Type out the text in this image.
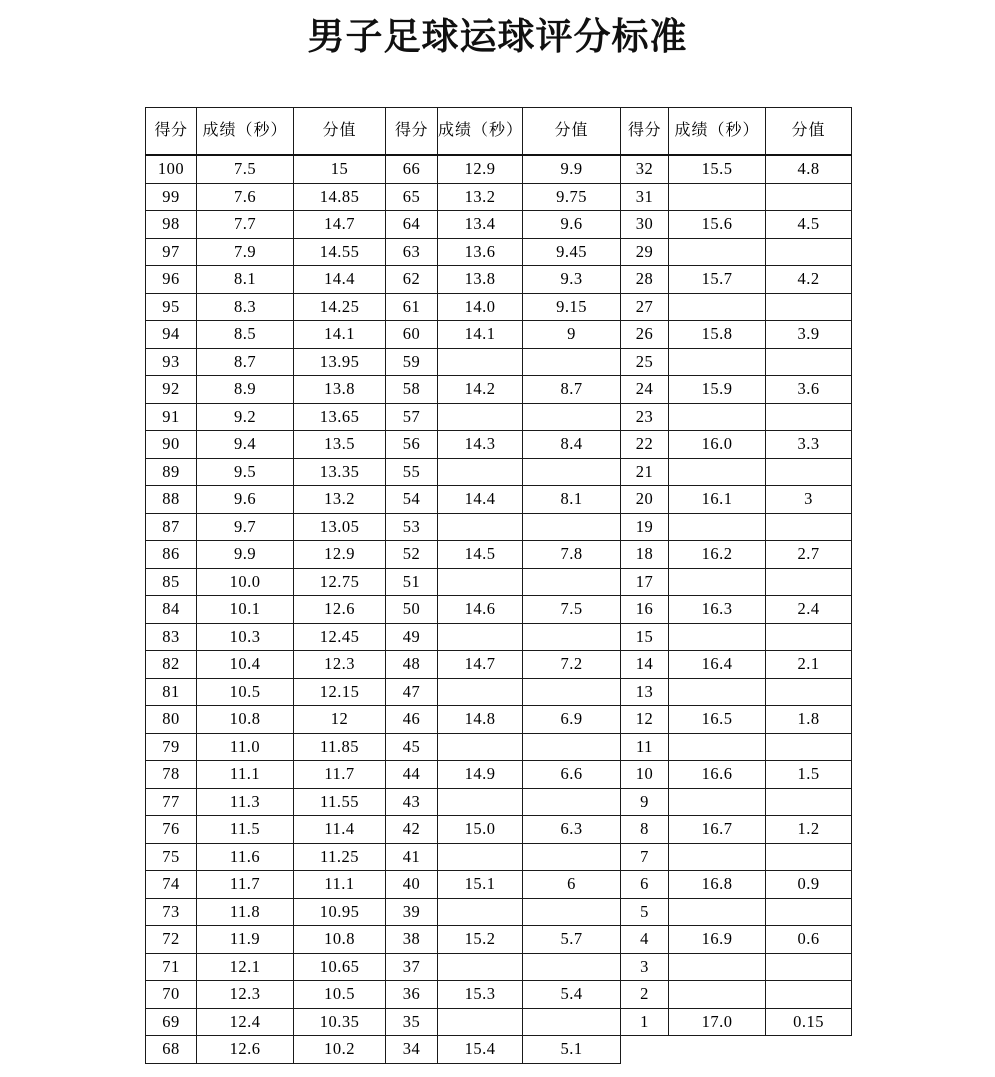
男子足球运球评分标准
得分	成绩（秒）	分值	得分	成绩（秒）	分值	得分	成绩（秒）	分值
100	7.5	15	66	12.9	9.9	32	15.5	4.8
99	7.6	14.85	65	13.2	9.75	31		
98	7.7	14.7	64	13.4	9.6	30	15.6	4.5
97	7.9	14.55	63	13.6	9.45	29		
96	8.1	14.4	62	13.8	9.3	28	15.7	4.2
95	8.3	14.25	61	14.0	9.15	27		
94	8.5	14.1	60	14.1	9	26	15.8	3.9
93	8.7	13.95	59			25		
92	8.9	13.8	58	14.2	8.7	24	15.9	3.6
91	9.2	13.65	57			23		
90	9.4	13.5	56	14.3	8.4	22	16.0	3.3
89	9.5	13.35	55			21		
88	9.6	13.2	54	14.4	8.1	20	16.1	3
87	9.7	13.05	53			19		
86	9.9	12.9	52	14.5	7.8	18	16.2	2.7
85	10.0	12.75	51			17		
84	10.1	12.6	50	14.6	7.5	16	16.3	2.4
83	10.3	12.45	49			15		
82	10.4	12.3	48	14.7	7.2	14	16.4	2.1
81	10.5	12.15	47			13		
80	10.8	12	46	14.8	6.9	12	16.5	1.8
79	11.0	11.85	45			11		
78	11.1	11.7	44	14.9	6.6	10	16.6	1.5
77	11.3	11.55	43			9		
76	11.5	11.4	42	15.0	6.3	8	16.7	1.2
75	11.6	11.25	41			7		
74	11.7	11.1	40	15.1	6	6	16.8	0.9
73	11.8	10.95	39			5		
72	11.9	10.8	38	15.2	5.7	4	16.9	0.6
71	12.1	10.65	37			3		
70	12.3	10.5	36	15.3	5.4	2		
69	12.4	10.35	35			1	17.0	0.15
68	12.6	10.2	34	15.4	5.1			
